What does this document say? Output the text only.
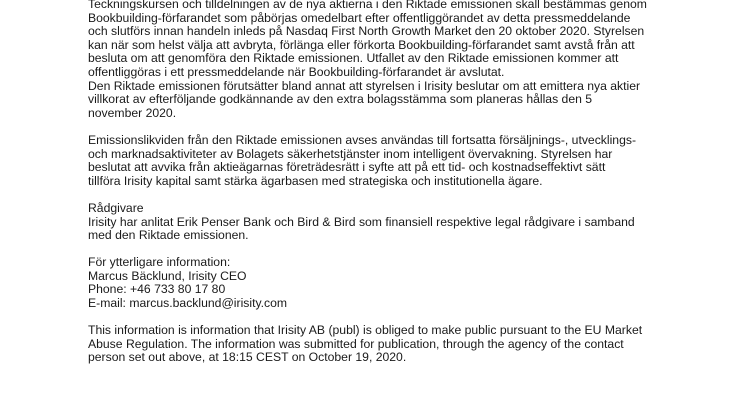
Teckningskursen och tilldelningen av de nya aktierna i den Riktade emissionen skall bestämmas genom
Bookbuilding-förfarandet som påbörjas omedelbart efter offentliggörandet av detta pressmeddelande
och slutförs innan handeln inleds på Nasdaq First North Growth Market den 20 oktober 2020. Styrelsen
kan när som helst välja att avbryta, förlänga eller förkorta Bookbuilding-förfarandet samt avstå från att
besluta om att genomföra den Riktade emissionen. Utfallet av den Riktade emissionen kommer att
offentliggöras i ett pressmeddelande när Bookbuilding-förfarandet är avslutat.
Den Riktade emissionen förutsätter bland annat att styrelsen i Irisity beslutar om att emittera nya aktier
villkorat av efterföljande godkännande av den extra bolagsstämma som planeras hållas den 5
november 2020.
Emissionslikviden från den Riktade emissionen avses användas till fortsatta försäljnings-, utvecklings-
och marknadsaktiviteter av Bolagets säkerhetstjänster inom intelligent övervakning. Styrelsen har
beslutat att avvika från aktieägarnas företrädesrätt i syfte att på ett tid- och kostnadseffektivt sätt
tillföra Irisity kapital samt stärka ägarbasen med strategiska och institutionella ägare.
Rådgivare
Irisity har anlitat Erik Penser Bank och Bird & Bird som finansiell respektive legal rådgivare i samband
med den Riktade emissionen.
För ytterligare information:
Marcus Bäcklund, Irisity CEO
Phone: +46 733 80 17 80
E-mail: marcus.backlund@irisity.com
This information is information that Irisity AB (publ) is obliged to make public pursuant to the EU Market
Abuse Regulation. The information was submitted for publication, through the agency of the contact
person set out above, at 18:15 CEST on October 19, 2020.
